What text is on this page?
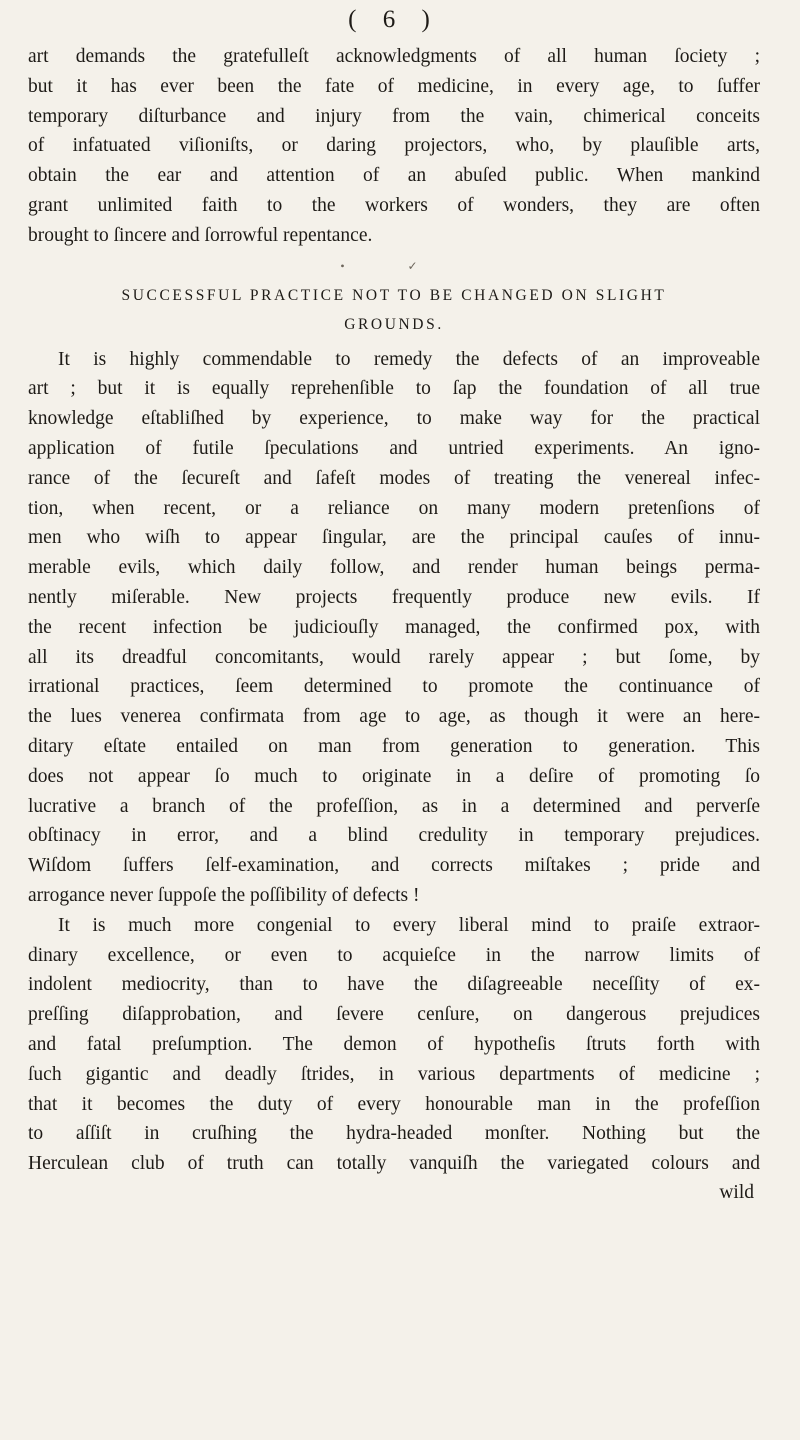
( 6 )

art demands the gratefulleſt acknowledgments of all human ſociety ;
but it has ever been the fate of medicine, in every age, to ſuffer
temporary diſturbance and injury from the vain, chimerical conceits
of infatuated viſioniſts, or daring projectors, who, by plauſible arts,
obtain the ear and attention of an abuſed public. When mankind
grant unlimited faith to the workers of wonders, they are often
brought to ſincere and ſorrowful repentance.

• ✓
SUCCESSFUL PRACTICE NOT TO BE CHANGED ON SLIGHT
GROUNDS.

It is highly commendable to remedy the defects of an improveable
art ; but it is equally reprehenſible to ſap the foundation of all true
knowledge eſtabliſhed by experience, to make way for the practical
application of futile ſpeculations and untried experiments. An igno-
rance of the ſecureſt and ſafeſt modes of treating the venereal infec-
tion, when recent, or a reliance on many modern pretenſions of
men who wiſh to appear ſingular, are the principal cauſes of innu-
merable evils, which daily follow, and render human beings perma-
nently miſerable. New projects frequently produce new evils. If
the recent infection be judiciouſly managed, the confirmed pox, with
all its dreadful concomitants, would rarely appear ; but ſome, by
irrational practices, ſeem determined to promote the continuance of
the lues venerea confirmata from age to age, as though it were an here-
ditary eſtate entailed on man from generation to generation. This
does not appear ſo much to originate in a deſire of promoting ſo
lucrative a branch of the profeſſion, as in a determined and perverſe
obſtinacy in error, and a blind credulity in temporary prejudices.
Wiſdom ſuffers ſelf-examination, and corrects miſtakes ; pride and
arrogance never ſuppoſe the poſſibility of defects !

It is much more congenial to every liberal mind to praiſe extraor-
dinary excellence, or even to acquieſce in the narrow limits of
indolent mediocrity, than to have the diſagreeable neceſſity of ex-
preſſing diſapprobation, and ſevere cenſure, on dangerous prejudices
and fatal preſumption. The demon of hypotheſis ſtruts forth with
ſuch gigantic and deadly ſtrides, in various departments of medicine ;
that it becomes the duty of every honourable man in the profeſſion
to aſſiſt in cruſhing the hydra-headed monſter. Nothing but the
Herculean club of truth can totally vanquiſh the variegated colours and

wild
